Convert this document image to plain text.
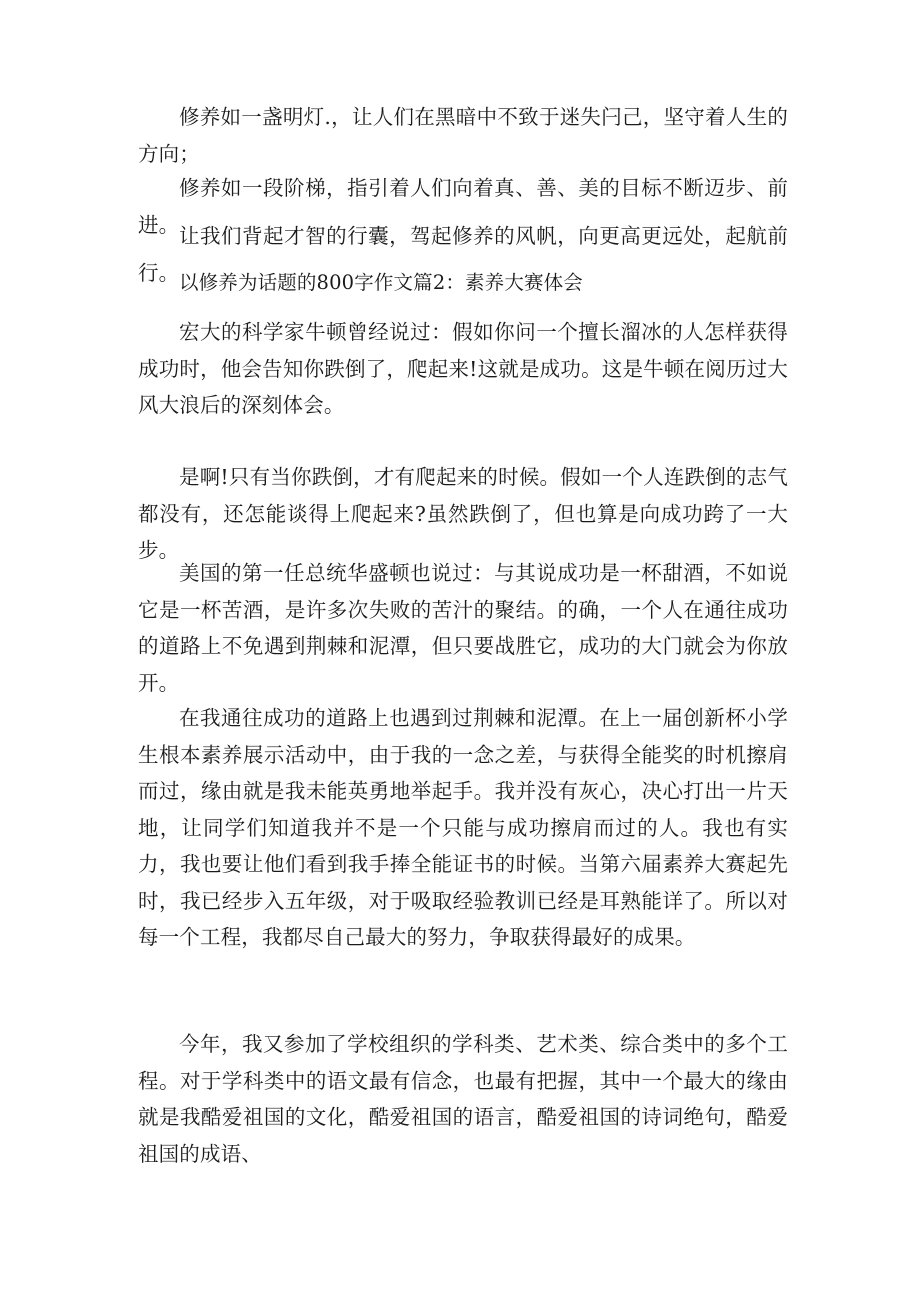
修养如一盏明灯.，让人们在黑暗中不致于迷失闩己，坚守着人生的方向；

修养如一段阶梯，指引着人们向着真、善、美的目标不断迈步、前进。 让我们背起才智的行囊，驾起修养的风帆，向更高更远处，起航前行。 以修养为话题的800字作文篇2：素养大赛体会

宏大的科学家牛顿曾经说过：假如你问一个擅长溜冰的人怎样获得成功时，他会告知你跌倒了，爬起来!这就是成功。这是牛顿在阅历过大风大浪后的深刻体会。

是啊!只有当你跌倒，才有爬起来的时候。假如一个人连跌倒的志气都没有，还怎能谈得上爬起来?虽然跌倒了，但也算是向成功跨了一大步。

美国的第一任总统华盛顿也说过：与其说成功是一杯甜酒，不如说它是一杯苦酒，是许多次失败的苦汁的聚结。的确，一个人在通往成功的道路上不免遇到荆棘和泥潭，但只要战胜它，成功的大门就会为你放开。

在我通往成功的道路上也遇到过荆棘和泥潭。在上一届创新杯小学生根本素养展示活动中，由于我的一念之差，与获得全能奖的时机擦肩而过，缘由就是我未能英勇地举起手。我并没有灰心，决心打出一片天地，让同学们知道我并不是一个只能与成功擦肩而过的人。我也有实力，我也要让他们看到我手捧全能证书的时候。当第六届素养大赛起先时，我已经步入五年级，对于吸取经验教训已经是耳熟能详了。所以对每一个工程，我都尽自己最大的努力，争取获得最好的成果。

今年，我又参加了学校组织的学科类、艺术类、综合类中的多个工程。对于学科类中的语文最有信念，也最有把握，其中一个最大的缘由就是我酷爱祖国的文化，酷爱祖国的语言，酷爱祖国的诗词绝句，酷爱祖国的成语、
